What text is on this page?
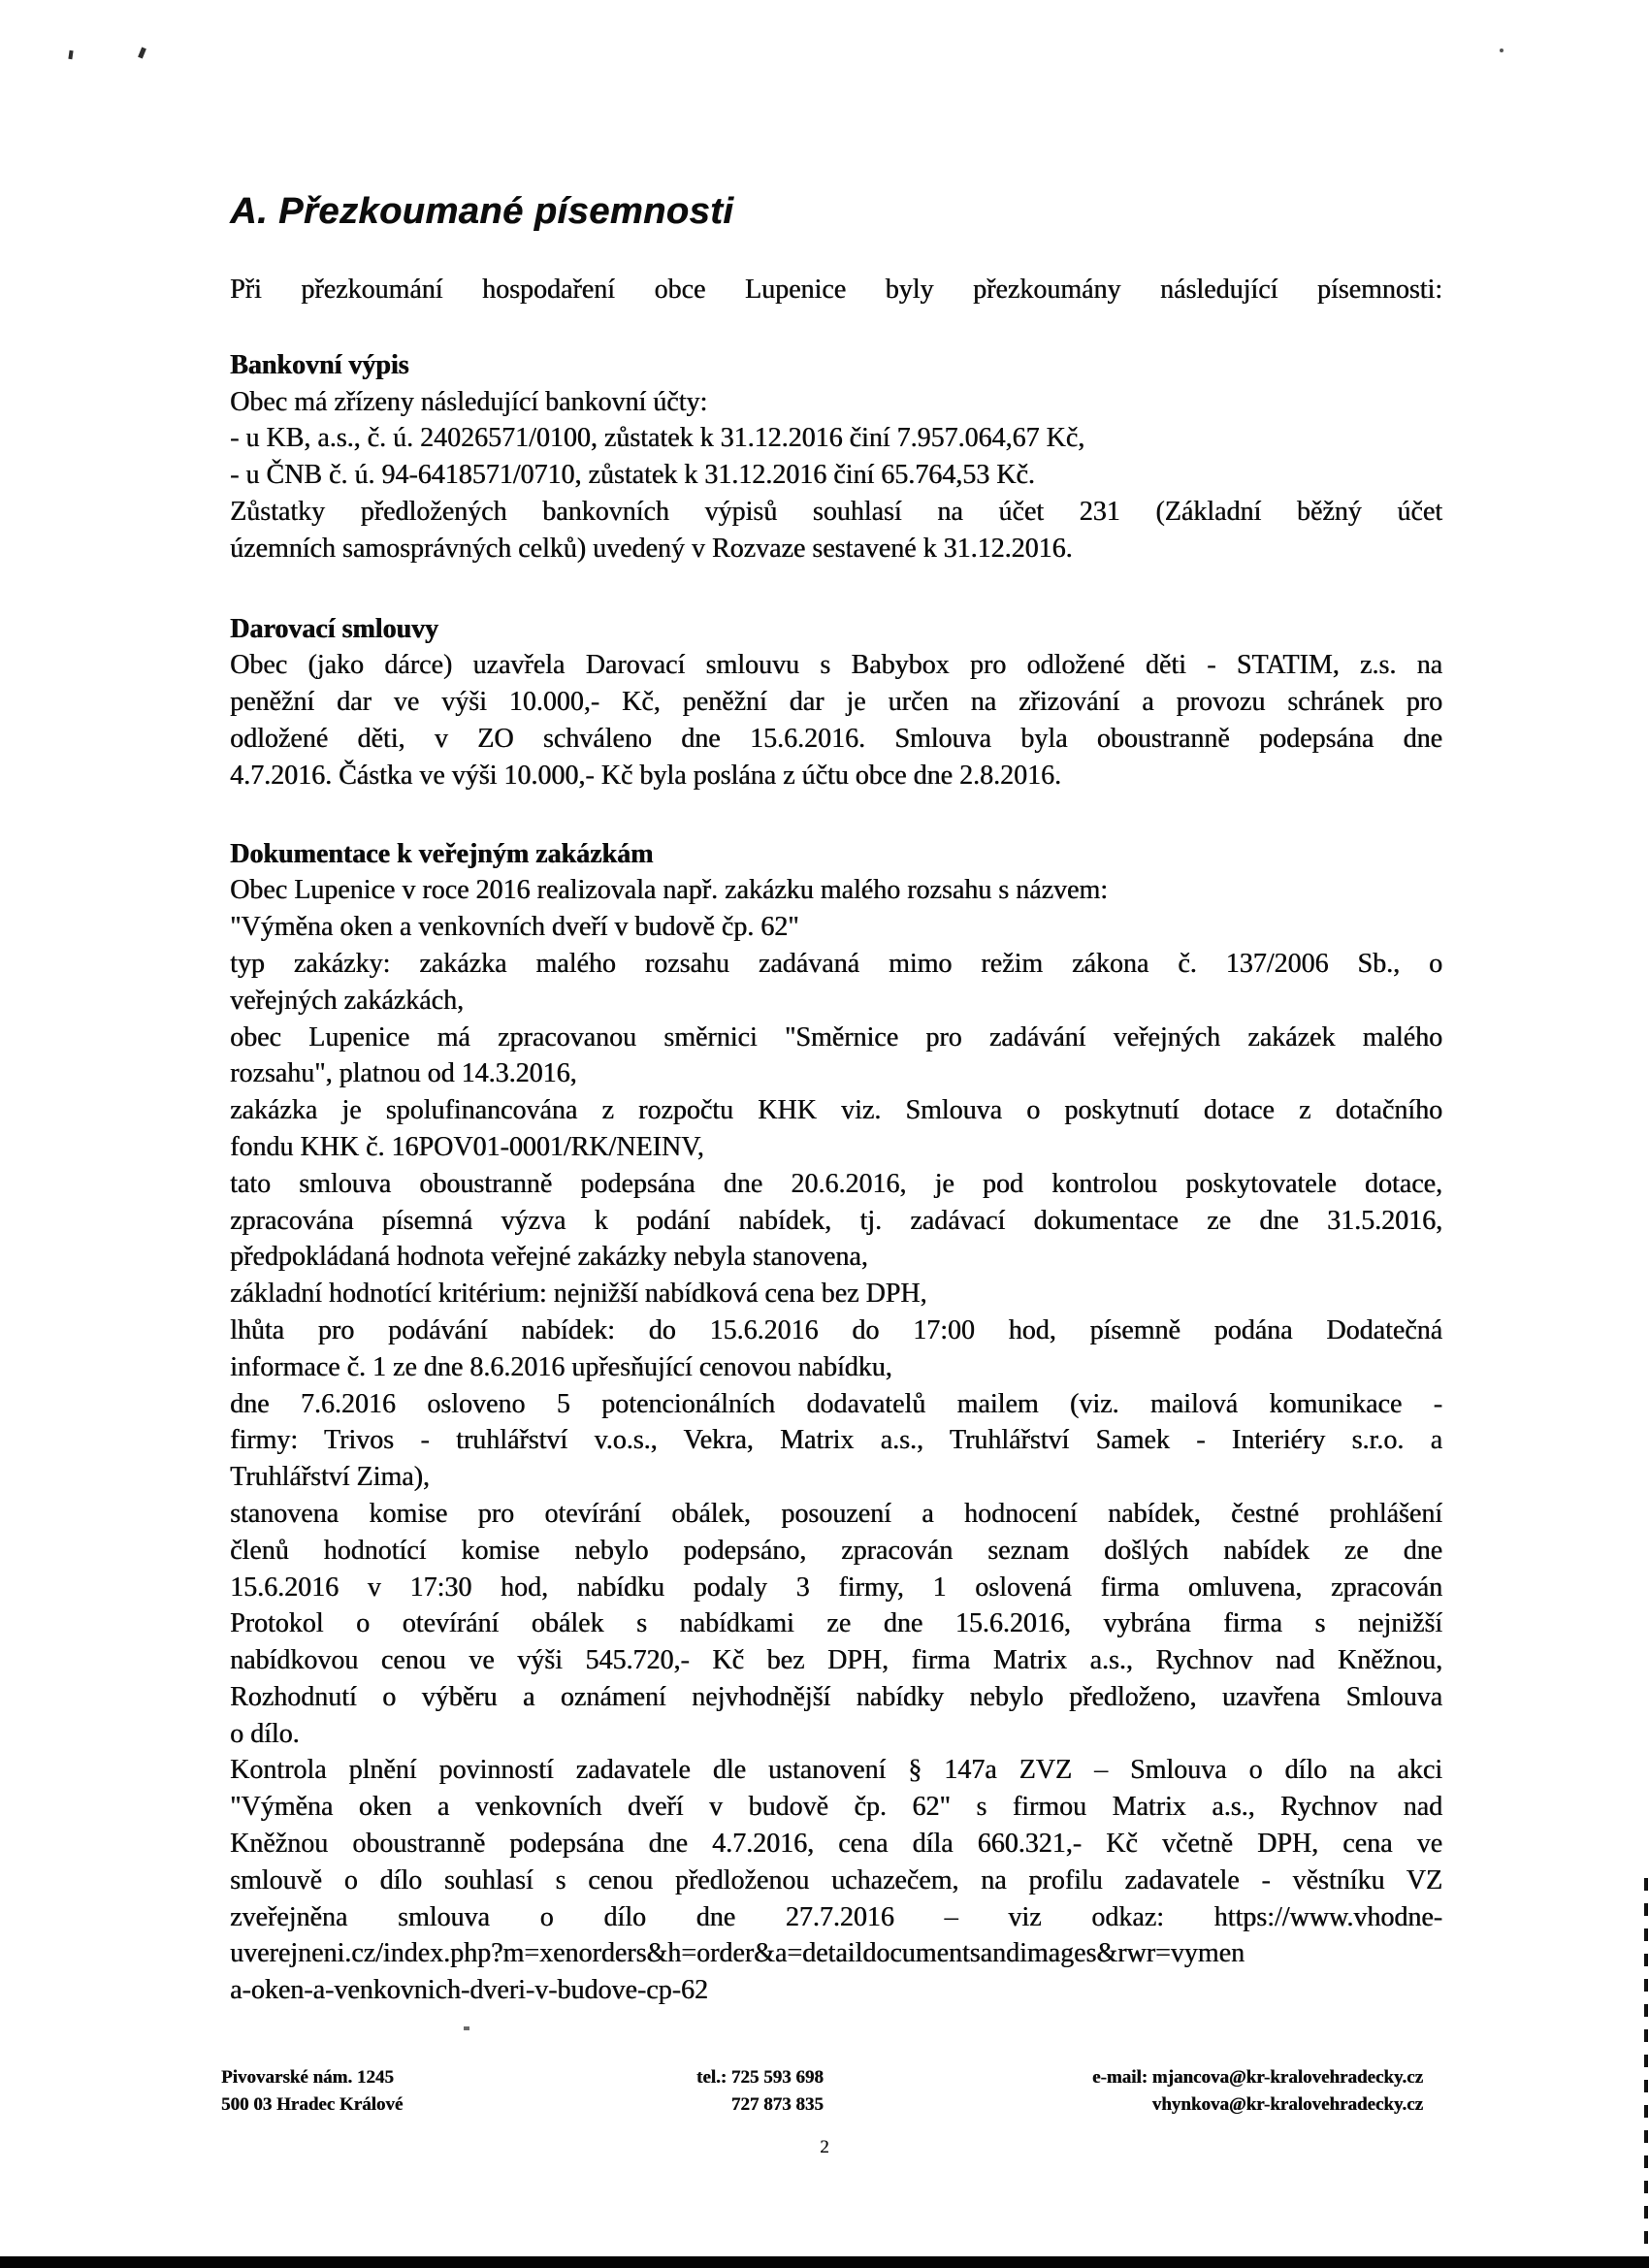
A. Přezkoumané písemnosti
Při přezkoumání hospodaření obce Lupenice byly přezkoumány následující písemnosti:
Bankovní výpis
Obec má zřízeny následující bankovní účty:
- u KB, a.s., č. ú. 24026571/0100, zůstatek k 31.12.2016 činí 7.957.064,67 Kč,
- u ČNB č. ú. 94-6418571/0710, zůstatek k 31.12.2016 činí 65.764,53 Kč.
Zůstatky předložených bankovních výpisů souhlasí na účet 231 (Základní běžný účet
územních samosprávných celků) uvedený v Rozvaze sestavené k 31.12.2016.
Darovací smlouvy
Obec (jako dárce) uzavřela Darovací smlouvu s Babybox pro odložené děti - STATIM, z.s. na
peněžní dar ve výši 10.000,- Kč, peněžní dar je určen na zřizování a provozu schránek pro
odložené děti, v ZO schváleno dne 15.6.2016. Smlouva byla oboustranně podepsána dne
4.7.2016. Částka ve výši 10.000,- Kč byla poslána z účtu obce dne 2.8.2016.
Dokumentace k veřejným zakázkám
Obec Lupenice v roce 2016 realizovala např. zakázku malého rozsahu s názvem:
"Výměna oken a venkovních dveří v budově čp. 62"
typ zakázky: zakázka malého rozsahu zadávaná mimo režim zákona č. 137/2006 Sb., o
veřejných zakázkách,
obec Lupenice má zpracovanou směrnici "Směrnice pro zadávání veřejných zakázek malého
rozsahu", platnou od 14.3.2016,
zakázka je spolufinancována z rozpočtu KHK viz. Smlouva o poskytnutí dotace z dotačního
fondu KHK č. 16POV01-0001/RK/NEINV,
tato smlouva oboustranně podepsána dne 20.6.2016, je pod kontrolou poskytovatele dotace,
zpracována písemná výzva k podání nabídek, tj. zadávací dokumentace ze dne 31.5.2016,
předpokládaná hodnota veřejné zakázky nebyla stanovena,
základní hodnotící kritérium: nejnižší nabídková cena bez DPH,
lhůta pro podávání nabídek: do 15.6.2016 do 17:00 hod, písemně podána Dodatečná
informace č. 1 ze dne 8.6.2016 upřesňující cenovou nabídku,
dne 7.6.2016 osloveno 5 potencionálních dodavatelů mailem (viz. mailová komunikace -
firmy: Trivos - truhlářství v.o.s., Vekra, Matrix a.s., Truhlářství Samek - Interiéry s.r.o. a
Truhlářství Zima),
stanovena komise pro otevírání obálek, posouzení a hodnocení nabídek, čestné prohlášení
členů hodnotící komise nebylo podepsáno, zpracován seznam došlých nabídek ze dne
15.6.2016 v 17:30 hod, nabídku podaly 3 firmy, 1 oslovená firma omluvena, zpracován
Protokol o otevírání obálek s nabídkami ze dne 15.6.2016, vybrána firma s nejnižší
nabídkovou cenou ve výši 545.720,- Kč bez DPH, firma Matrix a.s., Rychnov nad Kněžnou,
Rozhodnutí o výběru a oznámení nejvhodnější nabídky nebylo předloženo, uzavřena Smlouva
o dílo.
Kontrola plnění povinností zadavatele dle ustanovení § 147a ZVZ – Smlouva o dílo na akci
"Výměna oken a venkovních dveří v budově čp. 62" s firmou Matrix a.s., Rychnov nad
Kněžnou oboustranně podepsána dne 4.7.2016, cena díla 660.321,- Kč včetně DPH, cena ve
smlouvě o dílo souhlasí s cenou předloženou uchazečem, na profilu zadavatele - věstníku VZ
zveřejněna smlouva o dílo dne 27.7.2016 – viz odkaz: https://www.vhodne-
uverejneni.cz/index.php?m=xenorders&h=order&a=detaildocumentsandimages&rwr=vymen
a-oken-a-venkovnich-dveri-v-budove-cp-62
Pivovarské nám. 1245
500 03 Hradec Králové
tel.: 725 593 698
727 873 835
e-mail: mjancova@kr-kralovehradecky.cz
vhynkova@kr-kralovehradecky.cz
2
